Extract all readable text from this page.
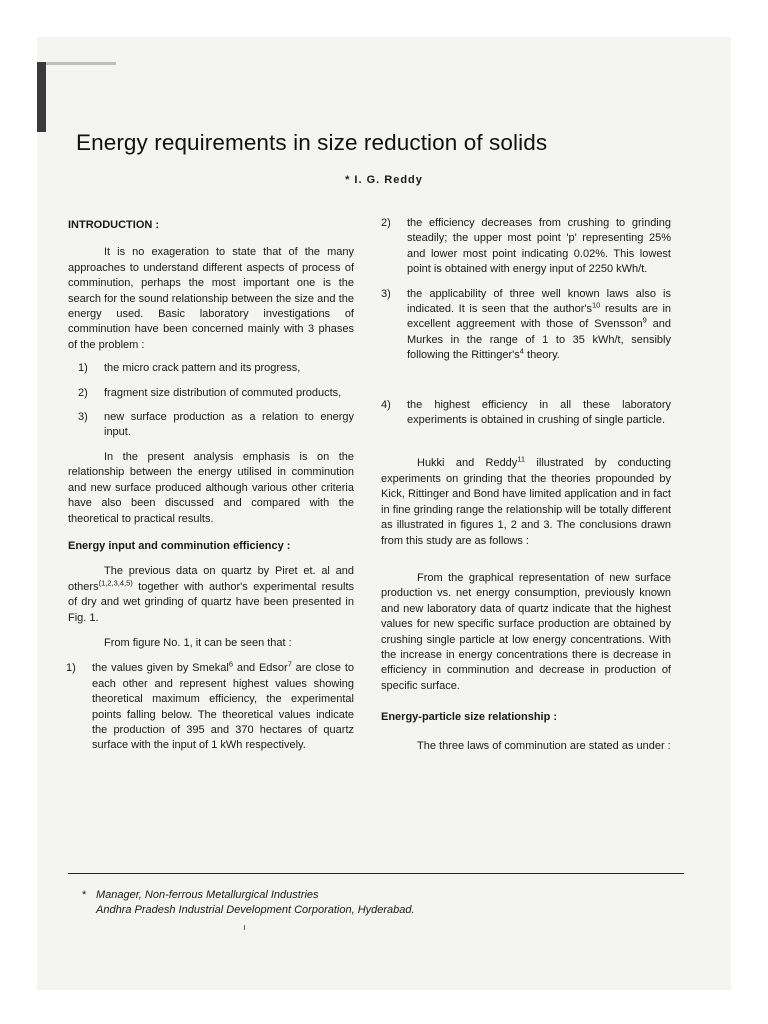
Energy requirements in size reduction of solids
* I. G. Reddy

INTRODUCTION :

It is no exageration to state that of the many approaches to understand different aspects of process of comminution, perhaps the most important one is the search for the sound relationship between the size and the energy used. Basic laboratory investigations of comminution have been concerned mainly with 3 phases of the problem :

1)	the micro crack pattern and its progress,
2)	fragment size distribution of commuted products,
3)	new surface production as a relation to energy input.

In the present analysis emphasis is on the relationship between the energy utilised in comminution and new surface produced although various other criteria have also been discussed and compared with the theoretical to practical results.

Energy input and comminution efficiency :

The previous data on quartz by Piret et. al and others$^{(1,2,3,4,5)}$ together with author's experimental results of dry and wet grinding of quartz have been presented in Fig. 1.

From figure No. 1, it can be seen that :

1)	the values given by Smekal$^6$ and Edsor$^7$ are close to each other and represent highest values showing theoretical maximum efficiency, the experimental points falling below. The theoretical values indicate the production of 395 and 370 hectares of quartz surface with the input of 1 kWh respectively.
2)	the efficiency decreases from crushing to grinding steadily; the upper most point 'p' representing 25% and lower most point indicating 0.02%. This lowest point is obtained with energy input of 2250 kWh/t.
3)	the applicability of three well known laws also is indicated. It is seen that the $author's^{10}$ results are in excellent aggreement with those of Svensson$^9$ and Murkes in the range of 1 to 35 kWh/t, sensibly following the $Rittinger's^4$ theory.
4)	the highest efficiency in all these laboratory experiments is obtained in crushing of single particle.

Hukki and Reddy$^{11}$ illustrated by conducting experiments on grinding that the theories propounded by Kick, Rittinger and Bond have limited application and in fact in fine grinding range the relationship will be totally different as illustrated in figures 1, 2 and 3. The conclusions drawn from this study are as follows :

From the graphical representation of new surface production vs. net energy consumption, previously known and new laboratory data of quartz indicate that the highest values for new specific surface production are obtained by crushing single particle at low energy concentrations. With the increase in energy concentrations there is decrease in efficiency in comminution and decrease in production of specific surface.

Energy-particle size relationship :

The three laws of comminution are stated as under :

* Manager, Non-ferrous Metallurgical Industries
Andhra Pradesh Industrial Development Corporation, Hyderabad.
